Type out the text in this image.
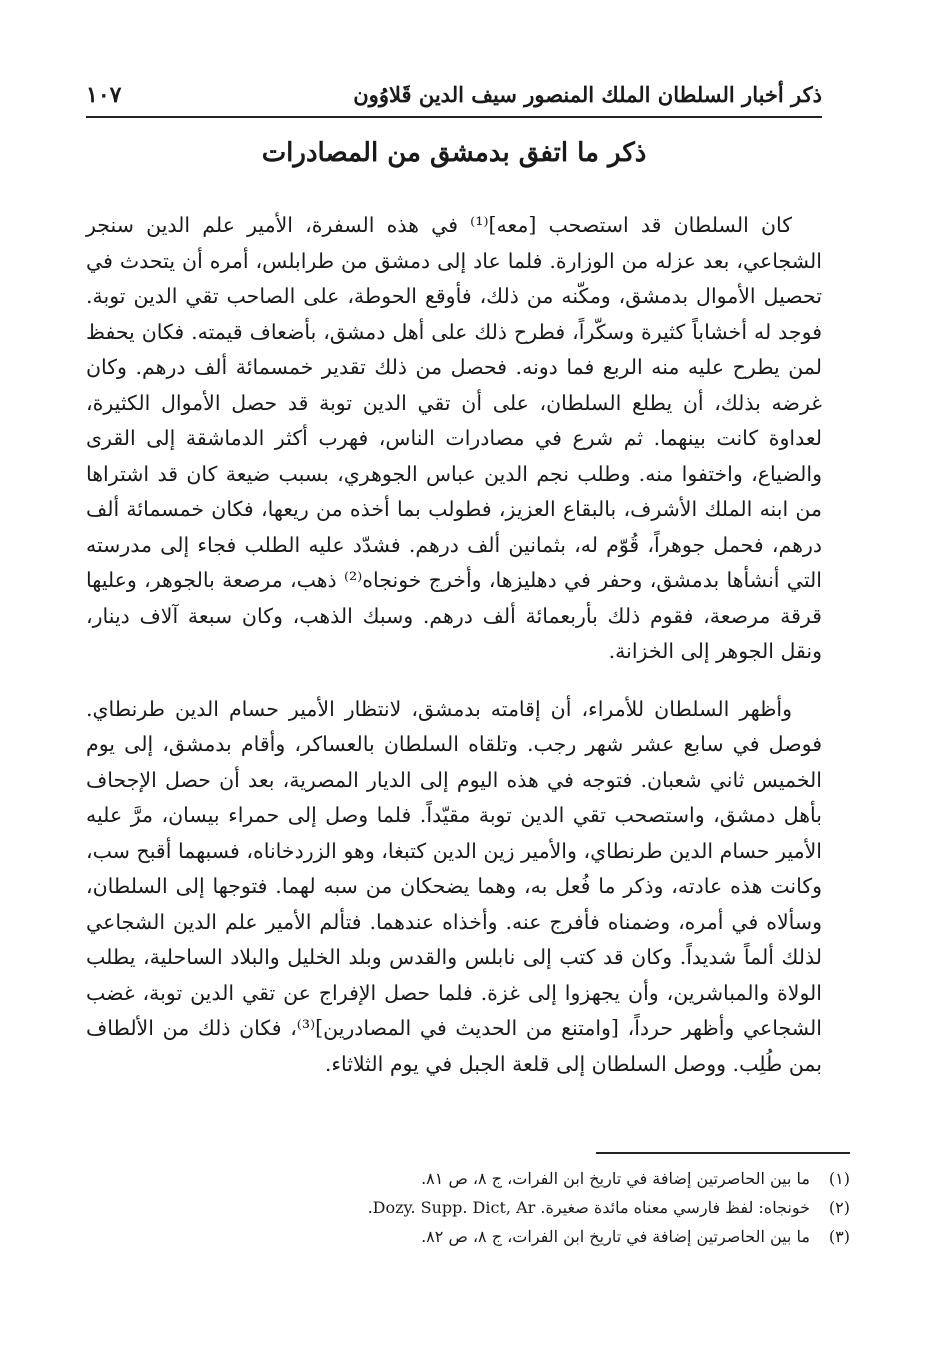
ذكر أخبار السلطان الملك المنصور سيف الدين قَلاوُون
١٠٧
ذكر ما اتفق بدمشق من المصادرات

كان السلطان قد استصحب [معه]⁽¹⁾ في هذه السفرة، الأمير علم الدين سنجر الشجاعي، بعد عزله من الوزارة. فلما عاد إلى دمشق من طرابلس، أمره أن يتحدث في تحصيل الأموال بدمشق، ومكّنه من ذلك، فأوقع الحوطة، على الصاحب تقي الدين توبة. فوجد له أخشاباً كثيرة وسكّراً، فطرح ذلك على أهل دمشق، بأضعاف قيمته. فكان يحفظ لمن يطرح عليه منه الربع فما دونه. فحصل من ذلك تقدير خمسمائة ألف درهم. وكان غرضه بذلك، أن يطلع السلطان، على أن تقي الدين توبة قد حصل الأموال الكثيرة، لعداوة كانت بينهما. ثم شرع في مصادرات الناس، فهرب أكثر الدماشقة إلى القرى والضياع، واختفوا منه. وطلب نجم الدين عباس الجوهري، بسبب ضيعة كان قد اشتراها من ابنه الملك الأشرف، بالبقاع العزيز، فطولب بما أخذه من ريعها، فكان خمسمائة ألف درهم، فحمل جوهراً، قُوّم له، بثمانين ألف درهم. فشدّد عليه الطلب فجاء إلى مدرسته التي أنشأها بدمشق، وحفر في دهليزها، وأخرج خونجاه⁽²⁾ ذهب، مرصعة بالجوهر، وعليها قرقة مرصعة، فقوم ذلك بأربعمائة ألف درهم. وسبك الذهب، وكان سبعة آلاف دينار، ونقل الجوهر إلى الخزانة.

وأظهر السلطان للأمراء، أن إقامته بدمشق، لانتظار الأمير حسام الدين طرنطاي. فوصل في سابع عشر شهر رجب. وتلقاه السلطان بالعساكر، وأقام بدمشق، إلى يوم الخميس ثاني شعبان. فتوجه في هذه اليوم إلى الديار المصرية، بعد أن حصل الإجحاف بأهل دمشق، واستصحب تقي الدين توبة مقيّداً. فلما وصل إلى حمراء بيسان، مرَّ عليه الأمير حسام الدين طرنطاي، والأمير زين الدين كتبغا، وهو الزردخاناه، فسبهما أقبح سب، وكانت هذه عادته، وذكر ما فُعل به، وهما يضحكان من سبه لهما. فتوجها إلى السلطان، وسألاه في أمره، وضمناه فأفرج عنه. وأخذاه عندهما. فتألم الأمير علم الدين الشجاعي لذلك ألماً شديداً. وكان قد كتب إلى نابلس والقدس وبلد الخليل والبلاد الساحلية، يطلب الولاة والمباشرين، وأن يجهزوا إلى غزة. فلما حصل الإفراج عن تقي الدين توبة، غضب الشجاعي وأظهر حرداً، [وامتنع من الحديث في المصادرين]⁽³⁾، فكان ذلك من الألطاف بمن طُلِب. ووصل السلطان إلى قلعة الجبل في يوم الثلاثاء.

(١)
ما بين الحاصرتين إضافة في تاريخ ابن الفرات، ج ٨، ص ٨١.
(٢)
خونجاه: لفظ فارسي معناه مائدة صغيرة. Dozy. Supp. Dict, Ar.
(٣)
ما بين الحاصرتين إضافة في تاريخ ابن الفرات، ج ٨، ص ٨٢.
